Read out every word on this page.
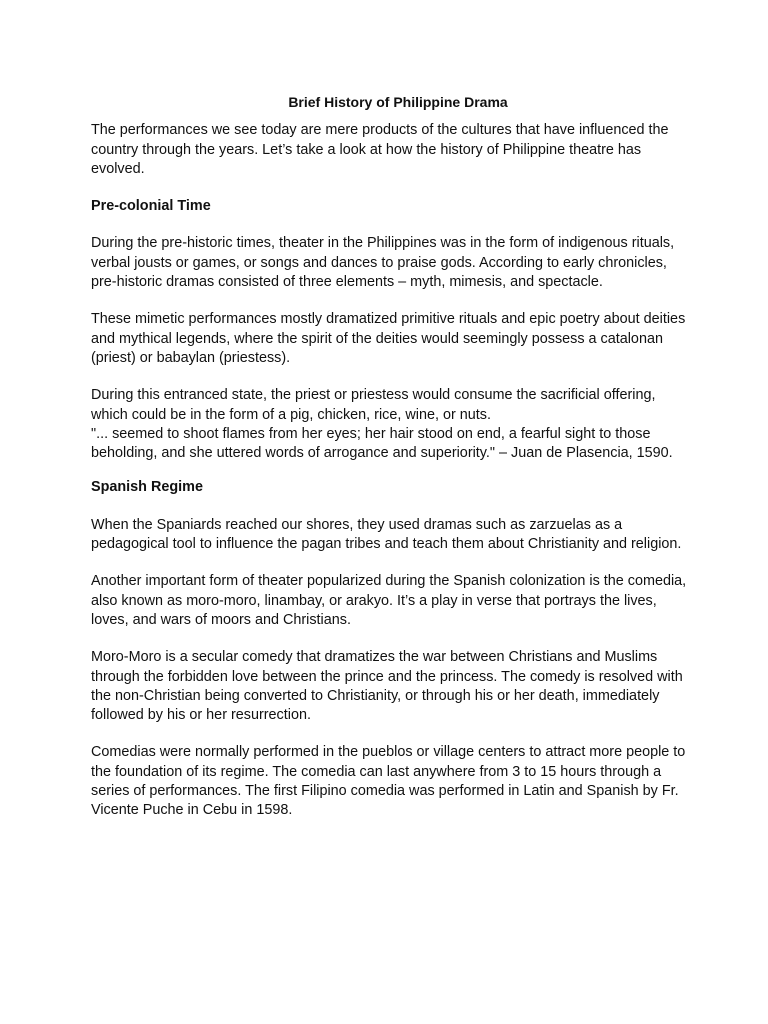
Brief History of Philippine Drama

The performances we see today are mere products of the cultures that have influenced the country through the years. Let’s take a look at how the history of Philippine theatre has evolved.

Pre-colonial Time

During the pre-historic times, theater in the Philippines was in the form of indigenous rituals, verbal jousts or games, or songs and dances to praise gods. According to early chronicles, pre-historic dramas consisted of three elements – myth, mimesis, and spectacle.

These mimetic performances mostly dramatized primitive rituals and epic poetry about deities and mythical legends, where the spirit of the deities would seemingly possess a catalonan (priest) or babaylan (priestess).

During this entranced state, the priest or priestess would consume the sacrificial offering, which could be in the form of a pig, chicken, rice, wine, or nuts.

"... seemed to shoot flames from her eyes; her hair stood on end, a fearful sight to those beholding, and she uttered words of arrogance and superiority." – Juan de Plasencia, 1590.

Spanish Regime

When the Spaniards reached our shores, they used dramas such as zarzuelas as a pedagogical tool to influence the pagan tribes and teach them about Christianity and religion.

Another important form of theater popularized during the Spanish colonization is the comedia, also known as moro-moro, linambay, or arakyo. It’s a play in verse that portrays the lives, loves, and wars of moors and Christians.

Moro-Moro is a secular comedy that dramatizes the war between Christians and Muslims through the forbidden love between the prince and the princess. The comedy is resolved with the non-Christian being converted to Christianity, or through his or her death, immediately followed by his or her resurrection.

Comedias were normally performed in the pueblos or village centers to attract more people to the foundation of its regime. The comedia can last anywhere from 3 to 15 hours through a series of performances. The first Filipino comedia was performed in Latin and Spanish by Fr. Vicente Puche in Cebu in 1598.
